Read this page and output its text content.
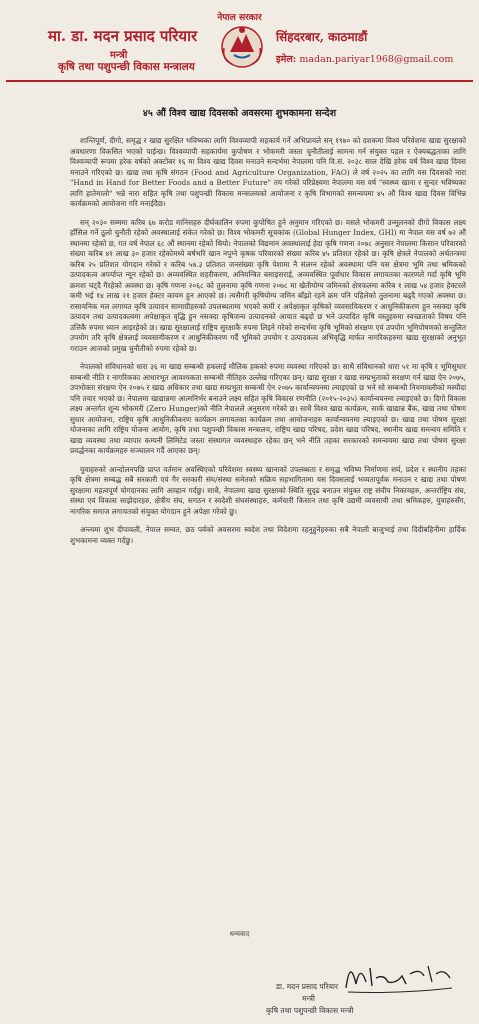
नेपाल सरकार
मा. डा. मदन प्रसाद परियार
मन्त्री
कृषि तथा पशुपन्छी विकास मन्त्रालय
सिंहदरबार, काठमाडौं
इमेल: madan.pariyar1968@gmail.com
४५ औं विश्व खाद्य दिवसको अवसरमा शुभकामना सन्देश

शान्तिपूर्ण, दीगो, समृद्ध र खाद्य सुरक्षित भविष्यका लागि विश्वव्यापी सहकार्य गर्ने अभिप्रायले सन् १९७० को दशकमा विश्व परिवेशमा खाद्य सुरक्षाको अवधारणा विकसित भएको पाईन्छ। विश्वव्यापी सहकार्यमा कुपोषण र भोकमरी जस्ता चुनौतीलाई सामना गर्न संयुक्त पहल र ऐक्यबद्धताका लागि विश्वव्यापी रूपमा हरेक वर्षको अक्टोबर १६ मा विश्व खाद्य दिवस मनाउने सन्दर्भमा नेपालमा पनि वि.सं. २०३८ साल देखि हरेक वर्ष विश्व खाद्य दिवस मनाउने गरिएको छ। खाद्य तथा कृषि संगठन (Food and Agriculture Organization, FAO) ले वर्ष २०२५ का लागि यस दिवसको नारा "Hand in Hand for Better Foods and a Better Future" तय गरेको परिप्रेक्ष्यमा नेपालमा यस वर्ष "स्वस्थ्य खाना र सुन्दर भविष्यका लागि हातेमालो" भन्ने नारा सहित कृषि तथा पशुपन्छी विकास मन्त्रालयको आयोजना र कृषि विभागको समन्वयमा ४५ औं विश्व खाद्य दिवस विभिन्न कार्यक्रमको आयोजना गरि मनाईदैछ।

सन् २०३० सम्ममा करिब ६७ करोड मानिसहरु दीर्घकालिन रुपमा कुपोषित हुने अनुमान गरिएको छ। यसले भोकमरी उन्मूलनको दीगो विकास लक्ष्य हाँसिल गर्ने ठूलो चुनौती रहेको अवस्थालाई संकेत गरेको छ। विश्व भोकमरी सूचकांक (Global Hunger Index, GHI) मा नेपाल यस वर्ष ७२ औं स्थानमा रहेको छ, गत वर्ष नेपाल ६८ औं स्थानमा रहेको थियो। नेपालको विद्यमान अवस्थालाई हेदा कृषि गणना २०७८ अनुसार नेपालमा किसान परिवारको संख्या करिब ४१ लाख ३० हजार रहेकोमध्ये बर्षभरि खान नपुग्ने कृषक परिवारको संख्या करिब ४५ प्रतिशत रहेको छ। कृषि क्षेत्रले नेपालको अर्थतन्त्रमा करिब २५ प्रतिशत योगदान गरेको र करिब ५७.३ प्रतिशत जनसंख्या कृषि पेशामा नै संलग्न रहेको अवस्थामा पनि यस क्षेत्रमा भूमि तथा श्रमिकको उत्पादकत्व अपर्याप्त न्यून रहेको छ। अव्यवस्थित शहरीकरण, अनियन्त्रित बसाइसराई, अव्यवस्थित पूर्वाधार विकास लगायतका कारणले गर्दा कृषि भूमि क्रमशः घट्दै गैरहेको अवस्था छ। कृषि गणना २०६८ को तुलनामा कृषि गणना २०७८ मा खेतीयोग्य जमिनको क्षेत्रफलमा करिब १ लाख ५४ हजार हेक्टरले कमी भई १४ लाख २१ हजार हेक्टर कायम हुन आएको छ। त्यसैगरी कृषियोग्य जमिन बाँझो रहने क्रम पनि पहिलेको तुलनामा बढ्दै गएको अवस्था छ। रासायनिक मल लगायत कृषि उत्पादन सामाग्रीहरुको उपलब्धतामा भएको कमी र अपेक्षाकृत कृषिको व्यवसायिकरण र आधुनिकीकरण हुन नसक्दा कृषि उत्पादन तथा उत्पादकत्वमा अपेक्षाकृत वृद्धि हुन नसक्दा कृषिजन्य उत्पादनको आयात बढ्दो छ भने उत्पादित कृषि वस्तुहरुमा स्वच्छताको विषय पनि उत्तिकै रुपमा ध्यान आइरहेको छ। खाद्य सुरक्षालाई राष्ट्रिय सुरक्षाकै रुपमा लिइने गरेको सन्दर्भमा कृषि भूमिको संरक्षण एवं उपयोग भूमिपोषणको सन्तुलित उपयोग तरि कृषि क्षेत्रलाई व्यवसायीकरण र आधुनिकीकरण गर्दै भूमिको उपयोग र उत्पादकत्व अभिवृद्धि मार्फत नागरिकहरुमा खाद्य सुरक्षाको अनुभूत गराउन आजको प्रमुख चुनौतीको रुपमा रहेको छ।

नेपालको संविधानको धारा ३६ मा खाद्य सम्बन्धी हकलाई मौलिक हकको रुपमा व्यवस्था गरिएको छ। साथै संविधानको धारा ५१ मा कृषि र भूमिसुधार सम्बन्धी नीति र नागरिकका आधारभूत आवश्यकता सम्बन्धी नीतिहरु उल्लेख गरिएका छन्। खाद्य सुरक्षा र खाद्य सम्प्रभुताको सरक्षण गर्न खाद्य ऐन २०७५, उपभोक्ता संरक्षण ऐन २०७५ र खाद्य अधिकार तथा खाद्य सम्प्रभुता सम्बन्धी ऐन २०७५ कार्यान्वयनमा ल्याइएको छ भने सो सम्बन्धी नियमावलीको मस्यौदा पनि तयार भएको छ। नेपालमा खाद्यान्नमा आत्मनिर्भर बनाउने लक्ष्य सहित कृषि विकास रणनीति (२०१५-२०३५) कार्यान्वयनमा ल्याइएको छ। दिगो विकास लक्ष्य अन्तर्गत शून्य भोकमरी (Zero Hunger)को नीति नेपालले अनुसरण गरेको छ। साथै विश्व खाद्य कार्यक्रम, सार्क खाद्यान्न बैंक, खाद्य तथा पोषण सुधार आयोजना, राष्ट्रिय कृषि आधुनिकीकरण कार्यक्रम लगायतका कार्यक्रम तथा आयोजनाहरु कार्यान्वयनमा ल्याइएको छ। खाद्य तथा पोषण सुरक्षा योजनाका लागि राष्ट्रिय योजना आयोग, कृषि तथा पशुपन्छी विकास मन्त्रालय, राष्ट्रिय खाद्य परिषद, प्रदेश खाद्य परिषद, स्थानीय खाद्य समन्वय समिति र खाद्य व्यवस्था तथा व्यापार कम्पनी लिमिटेड जस्ता संस्थागत व्यवस्थाहरु रहेका छन् भने नीति तहका सरकारको समन्वयमा खाद्य तथा पोषण सुरक्षा प्रवर्द्धनका कार्यक्रमहरु सञ्चालन गर्दै आएका छन्।

युवाहरुको आन्दोलनपछि प्राप्त वर्तमान अवस्थिएको परिवेशमा स्वस्थ्य खानाको उपलब्धता र समृद्ध भविष्य निर्माणमा सर्घ, प्रदेश र स्थानीय तहका कृषि क्षेत्रमा सम्बद्ध सबै सरकारी एवं गैर सरकारी संघ/संस्था समेतको सक्रिय सहभागितामा यस दिवसलाई भव्यतापूर्वक मनाउन र खाद्य तथा पोषण सुरक्षामा महत्वपूर्ण योगदानका लागि आव्हान गर्दछु। साथै, नेपालमा खाद्य सुरक्षाको स्थिति सुदृढ बनाउन संयुक्त राष्ट्र संघीय निकायहरु, अन्तर्राष्ट्रिय संघ, संस्था एवं विकास साझेदारहरु, क्षेत्रीय संघ, सगठन र स्वदेशी संघसंस्थाहरु, कर्मचारी किसान तथा कृषि उद्यमी व्यवसायी तथा श्रमिकहरु, युवाहरुसँग, नागरिक समाज लगायतको संयुक्त योगदान हुने अपेक्षा गरेको छु।

अन्त्यमा शुभ दीपावली, नेपाल सम्वत, छठ पर्वको अवसरमा स्वदेश तथा विदेशमा रहनुहुनेहरुका सबै नेपाली बाजुभाई तथा दिदीबहिनीमा हार्दिक शुभकामना व्यक्त गर्दछु।

धन्यवाद
डा. मदन प्रसाद परियार
मन्त्री
कृषि तथा पशुपन्छी विकास मन्त्री
